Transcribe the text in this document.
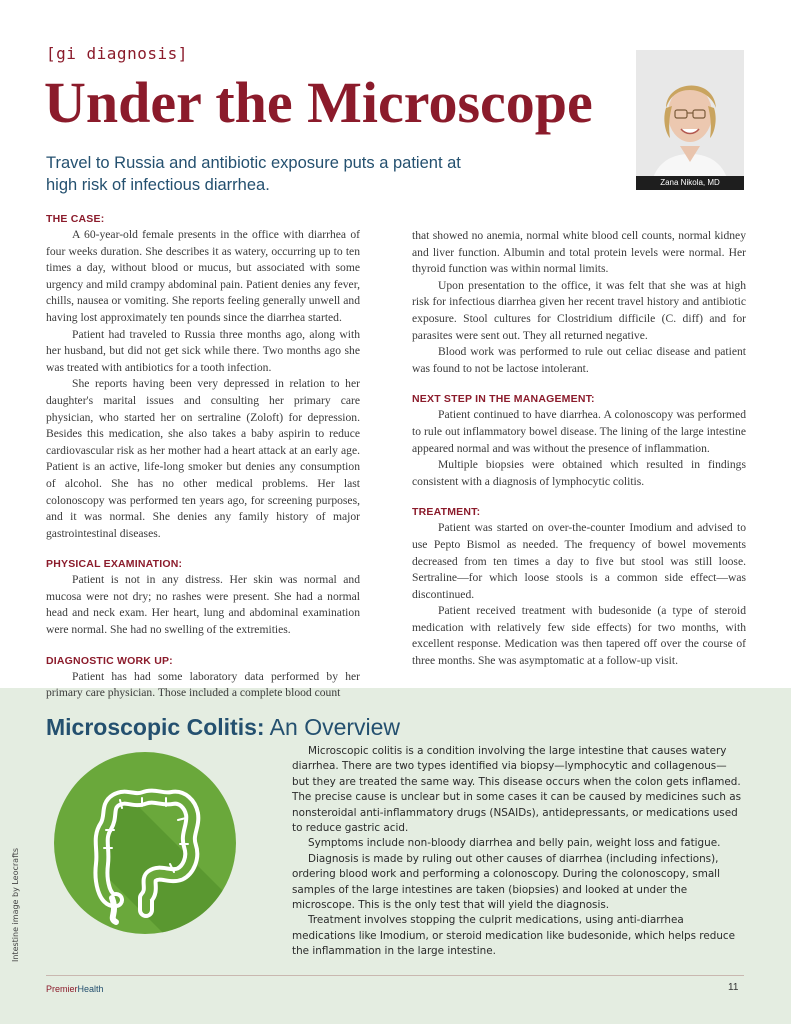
[gi diagnosis]
Under the Microscope
Travel to Russia and antibiotic exposure puts a patient at high risk of infectious diarrhea.	Zana Nikola, MD
THE CASE:

A 60-year-old female presents in the office with diarrhea of four weeks duration. She describes it as watery, occurring up to ten times a day, without blood or mucus, but associated with some urgency and mild crampy abdominal pain. Patient denies any fever, chills, nausea or vomiting. She reports feeling generally unwell and having lost approximately ten pounds since the diarrhea started.

Patient had traveled to Russia three months ago, along with her husband, but did not get sick while there. Two months ago she was treated with antibiotics for a tooth infection.

She reports having been very depressed in relation to her daughter's marital issues and consulting her primary care physician, who started her on sertraline (Zoloft) for depression. Besides this medication, she also takes a baby aspirin to reduce cardiovascular risk as her mother had a heart attack at an early age. Patient is an active, life-long smoker but denies any consumption of alcohol. She has no other medical problems. Her last colonoscopy was performed ten years ago, for screening purposes, and it was normal. She denies any family history of major gastrointestinal diseases.

PHYSICAL EXAMINATION:

Patient is not in any distress. Her skin was normal and mucosa were not dry; no rashes were present. She had a normal head and neck exam. Her heart, lung and abdominal examination were normal. She had no swelling of the extremities.

DIAGNOSTIC WORK UP:

Patient has had some laboratory data performed by her primary care physician. Those included a complete blood count

that showed no anemia, normal white blood cell counts, normal kidney and liver function. Albumin and total protein levels were normal. Her thyroid function was within normal limits.

Upon presentation to the office, it was felt that she was at high risk for infectious diarrhea given her recent travel history and antibiotic exposure. Stool cultures for Clostridium difficile (C. diff) and for parasites were sent out. They all returned negative.

Blood work was performed to rule out celiac disease and patient was found to not be lactose intolerant.

NEXT STEP IN THE MANAGEMENT:

Patient continued to have diarrhea. A colonoscopy was performed to rule out inflammatory bowel disease. The lining of the large intestine appeared normal and was without the presence of inflammation.

Multiple biopsies were obtained which resulted in findings consistent with a diagnosis of lymphocytic colitis.

TREATMENT:

Patient was started on over-the-counter Imodium and advised to use Pepto Bismol as needed. The frequency of bowel movements decreased from ten times a day to five but stool was still loose. Sertraline—for which loose stools is a common side effect—was discontinued.

Patient received treatment with budesonide (a type of steroid medication with relatively few side effects) for two months, with excellent response. Medication was then tapered off over the course of three months. She was asymptomatic at a follow-up visit.

Microscopic Colitis: An Overview

Microscopic colitis is a condition involving the large intestine that causes watery diarrhea. There are two types identified via biopsy—lymphocytic and collagenous—but they are treated the same way. This disease occurs when the colon gets inflamed. The precise cause is unclear but in some cases it can be caused by medicines such as nonsteroidal anti-inflammatory drugs (NSAIDs), antidepressants, or medications used to reduce gastric acid.

Symptoms include non-bloody diarrhea and belly pain, weight loss and fatigue.

Diagnosis is made by ruling out other causes of diarrhea (including infections), ordering blood work and performing a colonoscopy. During the colonoscopy, small samples of the large intestines are taken (biopsies) and looked at under the microscope. This is the only test that will yield the diagnosis.

Treatment involves stopping the culprit medications, using anti-diarrhea medications like Imodium, or steroid medication like budesonide, which helps reduce the inflammation in the large intestine.

Intestine image by Leocrafts
PremierHealth	11
